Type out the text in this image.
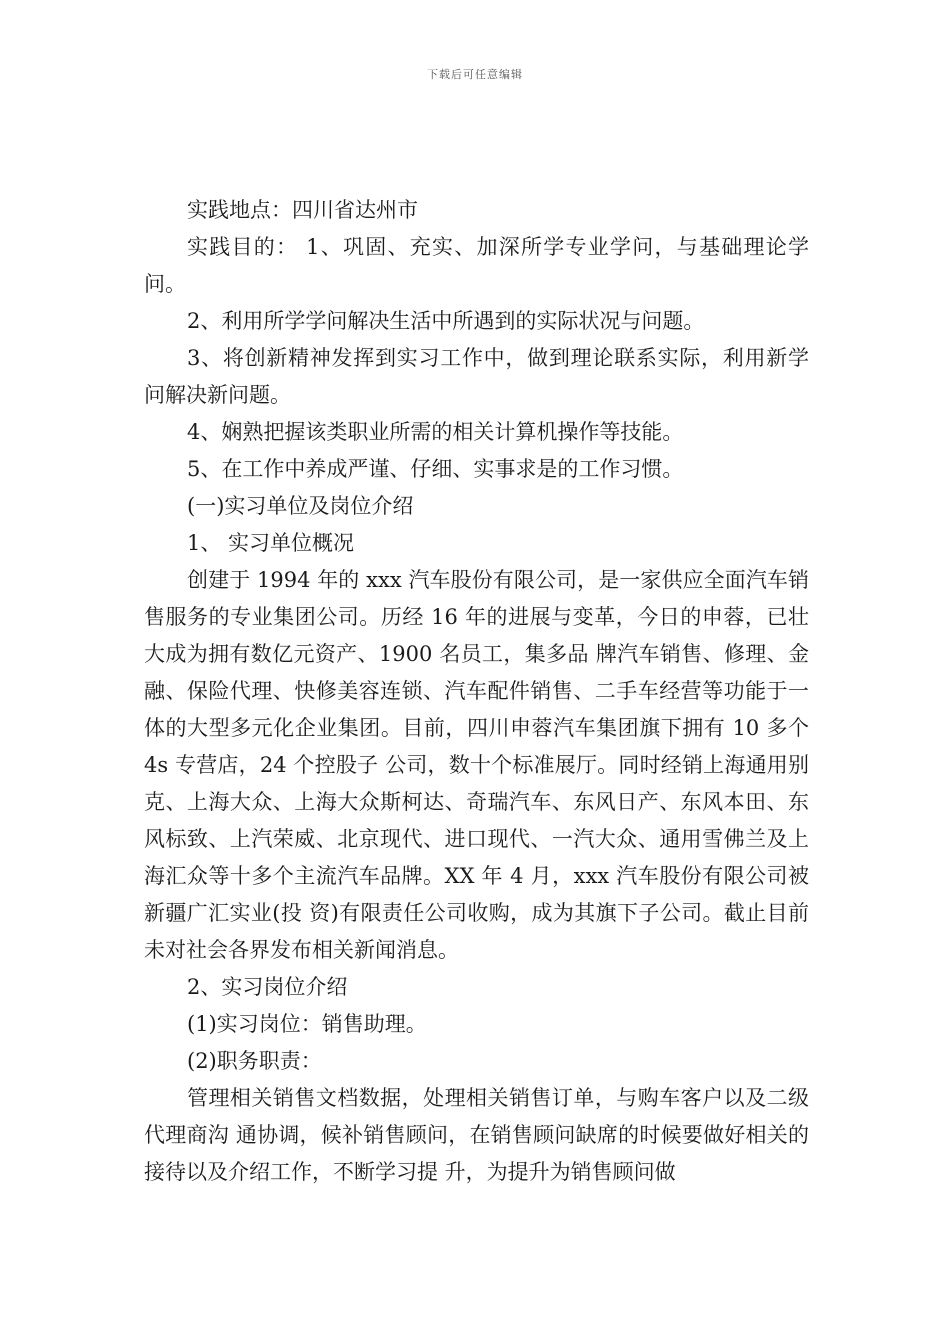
下载后可任意编辑

实践地点：四川省达州市

实践目的： 1、巩固、充实、加深所学专业学问，与基础理论学问。

2、利用所学学问解决生活中所遇到的实际状况与问题。

3、将创新精神发挥到实习工作中，做到理论联系实际，利用新学问解决新问题。

4、娴熟把握该类职业所需的相关计算机操作等技能。

5、在工作中养成严谨、仔细、实事求是的工作习惯。

(一)实习单位及岗位介绍

1、 实习单位概况

创建于 1994 年的 xxx 汽车股份有限公司，是一家供应全面汽车销售服务的专业集团公司。历经 16 年的进展与变革，今日的申蓉，已壮大成为拥有数亿元资产、1900 名员工，集多品 牌汽车销售、修理、金融、保险代理、快修美容连锁、汽车配件销售、二手车经营等功能于一体的大型多元化企业集团。目前，四川申蓉汽车集团旗下拥有 10 多个 4s 专营店，24 个控股子 公司，数十个标准展厅。同时经销上海通用别克、上海大众、上海大众斯柯达、奇瑞汽车、东风日产、东风本田、东风标致、上汽荣威、北京现代、进口现代、一汽大众、通用雪佛兰及上 海汇众等十多个主流汽车品牌。XX 年 4 月，xxx 汽车股份有限公司被新疆广汇实业(投 资)有限责任公司收购，成为其旗下子公司。截止目前未对社会各界发布相关新闻消息。

2、实习岗位介绍

(1)实习岗位：销售助理。

(2)职务职责：

管理相关销售文档数据，处理相关销售订单，与购车客户以及二级代理商沟 通协调，候补销售顾问，在销售顾问缺席的时候要做好相关的接待以及介绍工作，不断学习提 升，为提升为销售顾问做
